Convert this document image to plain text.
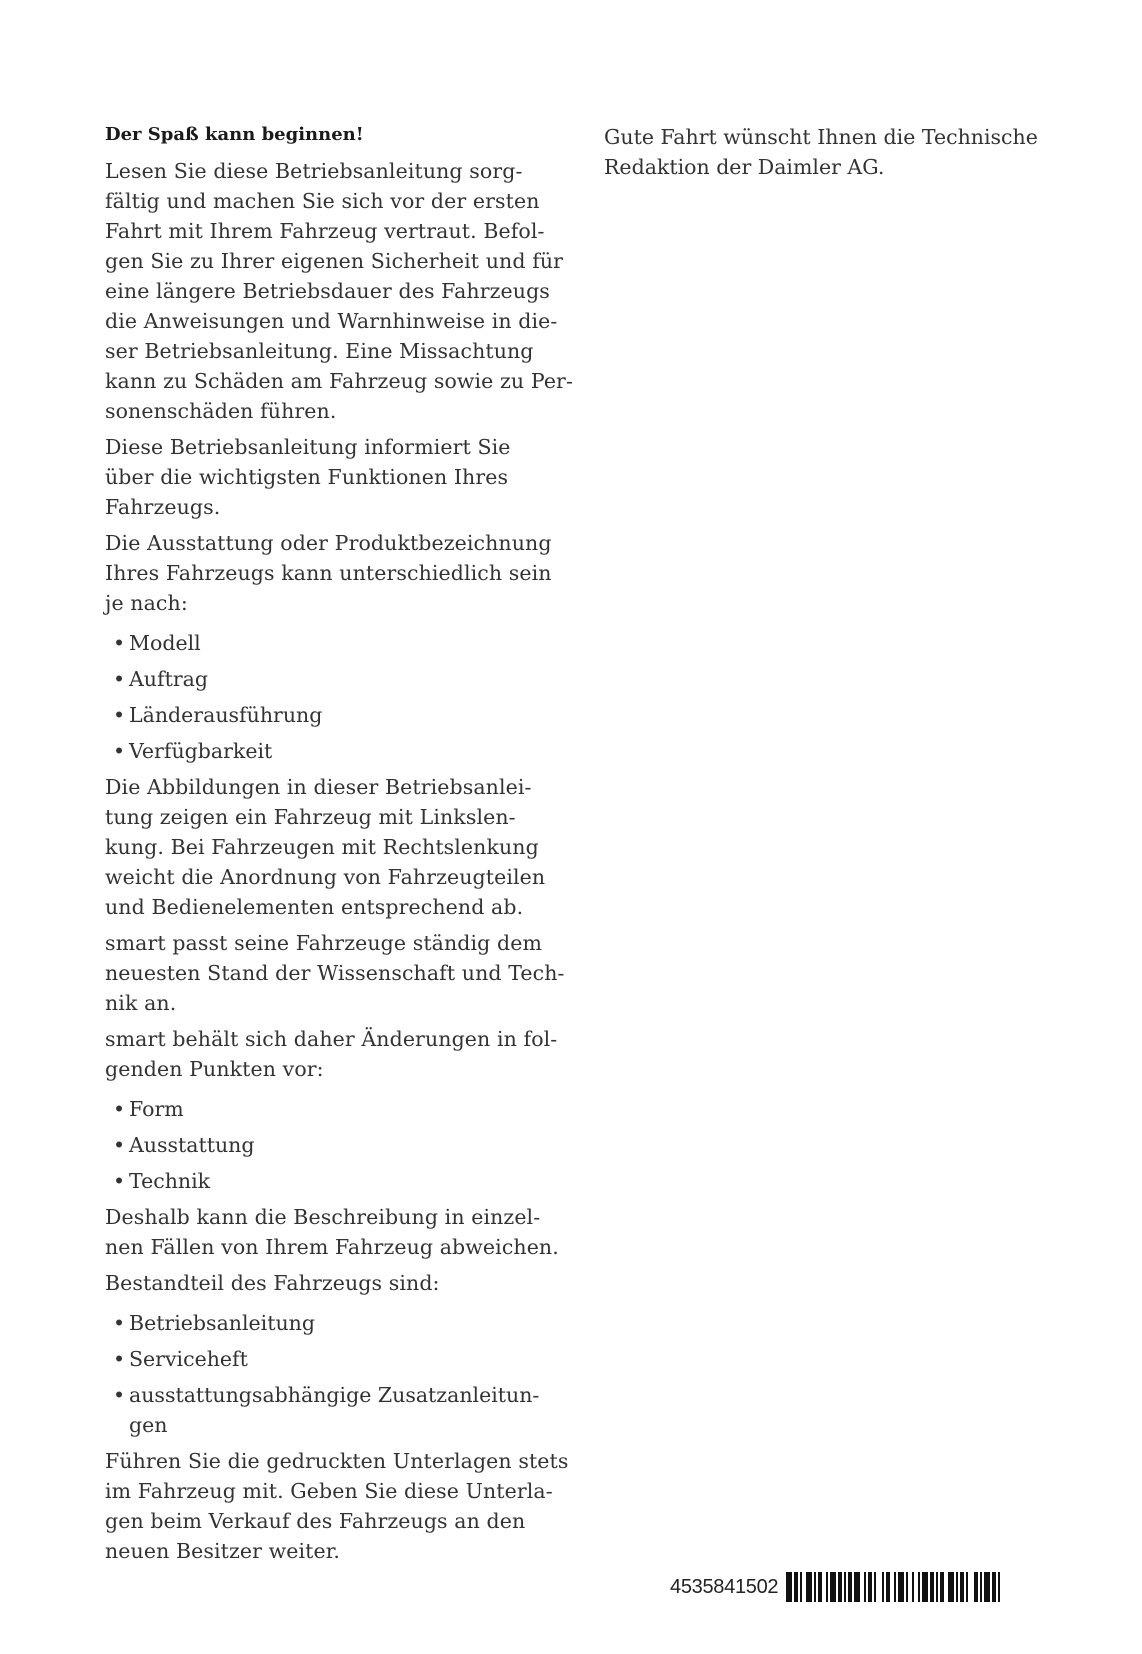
Der Spaß kann beginnen!
Lesen Sie diese Betriebsanleitung sorg-
fältig und machen Sie sich vor der ersten
Fahrt mit Ihrem Fahrzeug vertraut. Befol-
gen Sie zu Ihrer eigenen Sicherheit und für
eine längere Betriebsdauer des Fahrzeugs
die Anweisungen und Warnhinweise in die-
ser Betriebsanleitung. Eine Missachtung
kann zu Schäden am Fahrzeug sowie zu Per-
sonenschäden führen.
Diese Betriebsanleitung informiert Sie
über die wichtigsten Funktionen Ihres
Fahrzeugs.
Die Ausstattung oder Produktbezeichnung
Ihres Fahrzeugs kann unterschiedlich sein
je nach:
• Modell
• Auftrag
• Länderausführung
• Verfügbarkeit
Die Abbildungen in dieser Betriebsanlei-
tung zeigen ein Fahrzeug mit Linkslen-
kung. Bei Fahrzeugen mit Rechtslenkung
weicht die Anordnung von Fahrzeugteilen
und Bedienelementen entsprechend ab.
smart passt seine Fahrzeuge ständig dem
neuesten Stand der Wissenschaft und Tech-
nik an.
smart behält sich daher Änderungen in fol-
genden Punkten vor:
• Form
• Ausstattung
• Technik
Deshalb kann die Beschreibung in einzel-
nen Fällen von Ihrem Fahrzeug abweichen.
Bestandteil des Fahrzeugs sind:
• Betriebsanleitung
• Serviceheft
• ausstattungsabhängige Zusatzanleitun-
gen
Führen Sie die gedruckten Unterlagen stets
im Fahrzeug mit. Geben Sie diese Unterla-
gen beim Verkauf des Fahrzeugs an den
neuen Besitzer weiter.
Gute Fahrt wünscht Ihnen die Technische
Redaktion der Daimler AG.
4535841502
